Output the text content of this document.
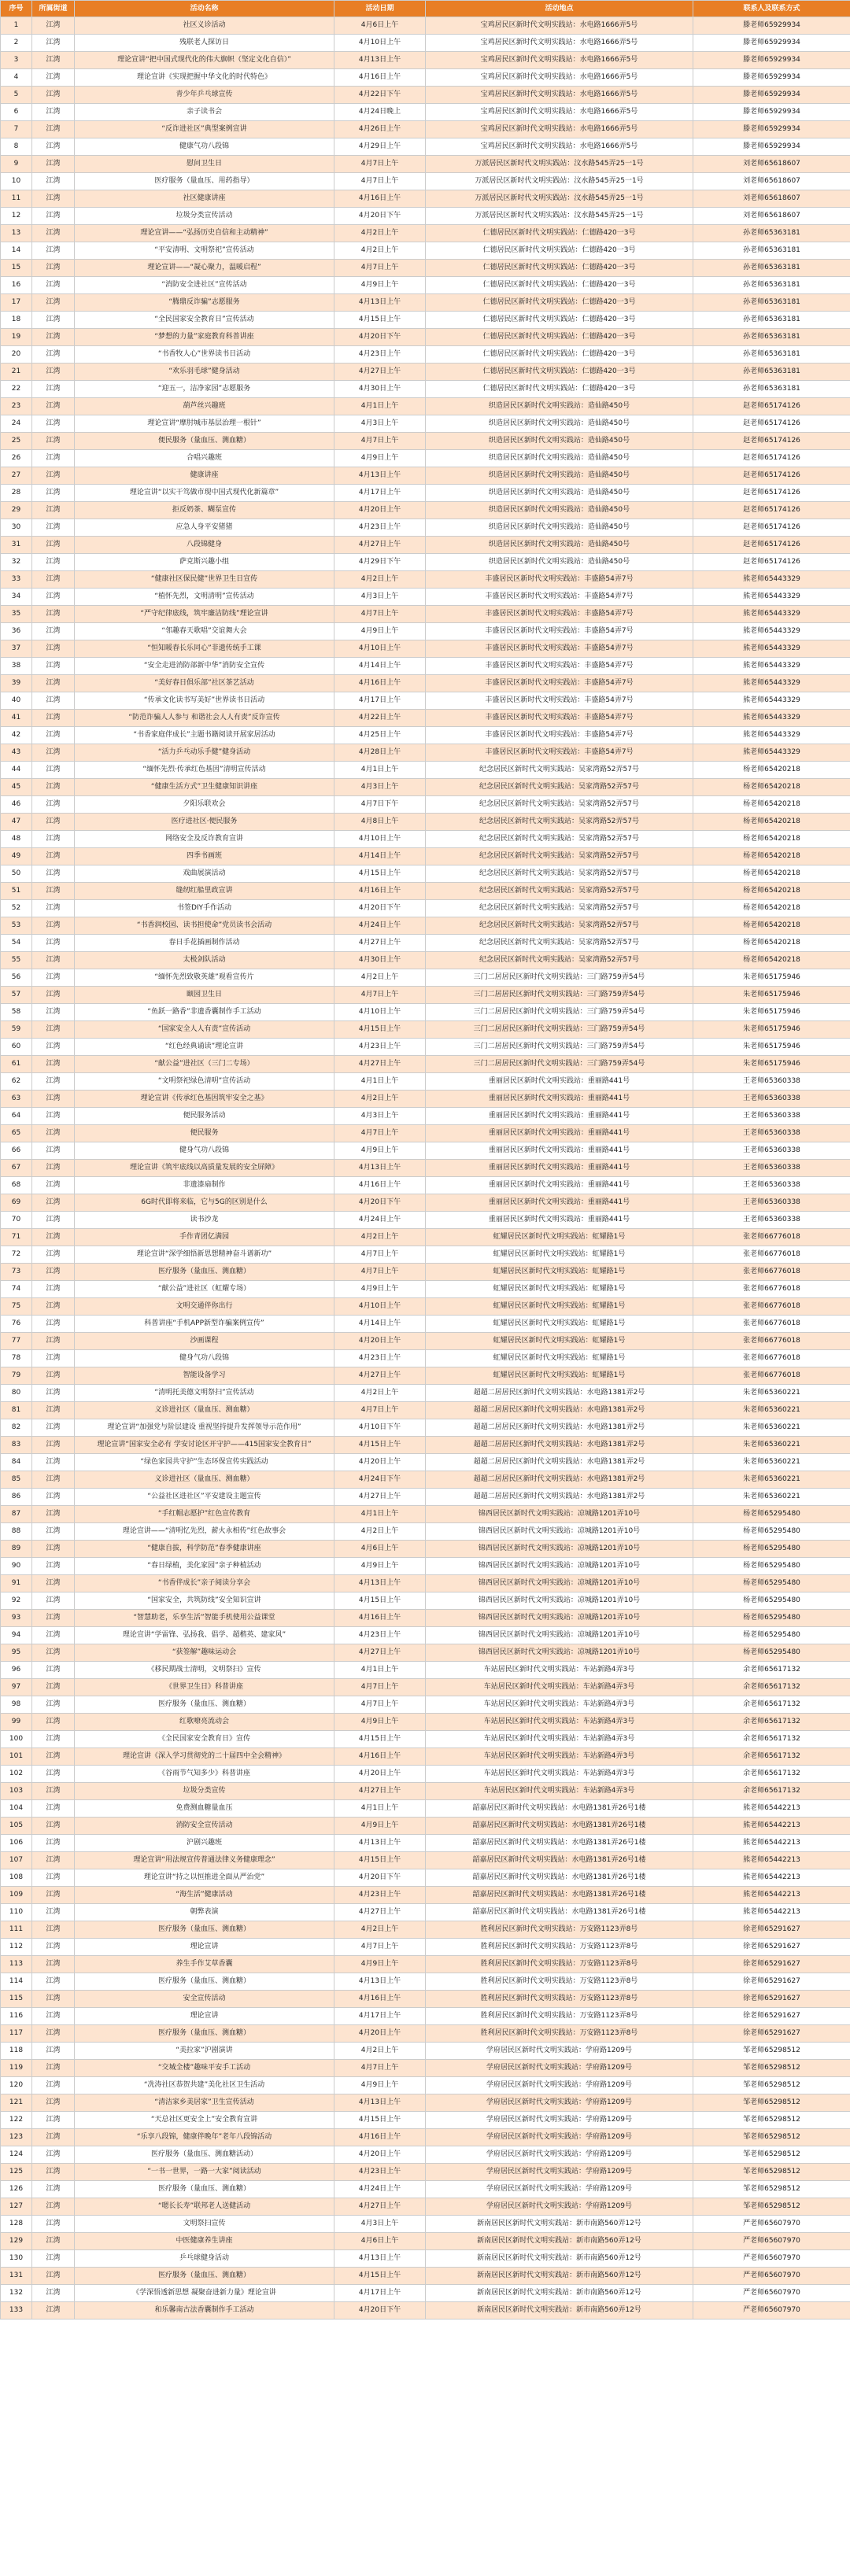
序号	所属街道	活动名称	活动日期	活动地点	联系人及联系方式
1	江湾	社区义诊活动	4月6日上午	宝鸡居民区新时代文明实践站：水电路1666弄5号	滕老师65929934
2	江湾	残联老人探访日	4月10日上午	宝鸡居民区新时代文明实践站：水电路1666弄5号	滕老师65929934
3	江湾	理论宣讲“把中国式现代化的伟大旗帜（坚定文化自信）”	4月13日上午	宝鸡居民区新时代文明实践站：水电路1666弄5号	滕老师65929934
4	江湾	理论宣讲《实现把握中华文化的时代特色》	4月16日上午	宝鸡居民区新时代文明实践站：水电路1666弄5号	滕老师65929934
5	江湾	青少年乒乓球宣传	4月22日下午	宝鸡居民区新时代文明实践站：水电路1666弄5号	滕老师65929934
6	江湾	亲子读书会	4月24日晚上	宝鸡居民区新时代文明实践站：水电路1666弄5号	滕老师65929934
7	江湾	“反诈进社区”典型案例宣讲	4月26日上午	宝鸡居民区新时代文明实践站：水电路1666弄5号	滕老师65929934
8	江湾	健康气功八段锦	4月29日上午	宝鸡居民区新时代文明实践站：水电路1666弄5号	滕老师65929934
9	江湾	慰问卫生日	4月7日上午	万派居民区新时代文明实践站：汶水路545弄25一1号	刘老师65618607
10	江湾	医疗服务（量血压、用药指导）	4月7日上午	万派居民区新时代文明实践站：汶水路545弄25一1号	刘老师65618607
11	江湾	社区健康讲座	4月16日上午	万派居民区新时代文明实践站：汶水路545弄25一1号	刘老师65618607
12	江湾	垃圾分类宣传活动	4月20日下午	万派居民区新时代文明实践站：汶水路545弄25一1号	刘老师65618607
13	江湾	理论宣讲——“弘扬历史自信和主动精神”	4月2日上午	仁德居民区新时代文明实践站：仁德路420一3号	孙老师65363181
14	江湾	“平安清明、文明祭祀”宣传活动	4月2日上午	仁德居民区新时代文明实践站：仁德路420一3号	孙老师65363181
15	江湾	理论宣讲——“凝心聚力，温暖启程”	4月7日上午	仁德居民区新时代文明实践站：仁德路420一3号	孙老师65363181
16	江湾	“消防安全进社区”宣传活动	4月9日上午	仁德居民区新时代文明实践站：仁德路420一3号	孙老师65363181
17	江湾	“腾鼎反诈骗”志愿服务	4月13日上午	仁德居民区新时代文明实践站：仁德路420一3号	孙老师65363181
18	江湾	“全民国家安全教育日”宣传活动	4月15日上午	仁德居民区新时代文明实践站：仁德路420一3号	孙老师65363181
19	江湾	“梦想的力量”家庭教育科普讲座	4月20日下午	仁德居民区新时代文明实践站：仁德路420一3号	孙老师65363181
20	江湾	“书香牧人心”世界读书日活动	4月23日上午	仁德居民区新时代文明实践站：仁德路420一3号	孙老师65363181
21	江湾	“欢乐羽毛球”健身活动	4月27日上午	仁德居民区新时代文明实践站：仁德路420一3号	孙老师65363181
22	江湾	“迎五一，洁净家园”志愿服务	4月30日上午	仁德居民区新时代文明实践站：仁德路420一3号	孙老师65363181
23	江湾	葫芦丝兴趣班	4月1日上午	织造居民区新时代文明实践站：造仙路450号	赵老师65174126
24	江湾	理论宣讲“摩肘城市基层治理一根针”	4月3日上午	织造居民区新时代文明实践站：造仙路450号	赵老师65174126
25	江湾	便民服务（量血压、测血糖）	4月7日上午	织造居民区新时代文明实践站：造仙路450号	赵老师65174126
26	江湾	合唱兴趣班	4月9日上午	织造居民区新时代文明实践站：造仙路450号	赵老师65174126
27	江湾	健康讲座	4月13日上午	织造居民区新时代文明实践站：造仙路450号	赵老师65174126
28	江湾	理论宣讲“以实干笃做市现中国式现代化新篇章”	4月17日上午	织造居民区新时代文明实践站：造仙路450号	赵老师65174126
29	江湾	拒反奶茶、糊泵宣传	4月20日上午	织造居民区新时代文明实践站：造仙路450号	赵老师65174126
30	江湾	应急人身平安猪猪	4月23日上午	织造居民区新时代文明实践站：造仙路450号	赵老师65174126
31	江湾	八段锦健身	4月27日上午	织造居民区新时代文明实践站：造仙路450号	赵老师65174126
32	江湾	萨克斯兴趣小组	4月29日下午	织造居民区新时代文明实践站：造仙路450号	赵老师65174126
33	江湾	“健康社区保民健”世界卫生日宣传	4月2日上午	丰盛居民区新时代文明实践站：丰盛路54弄7号	熊老师65443329
34	江湾	“植怀先烈，文明清明”宣传活动	4月3日上午	丰盛居民区新时代文明实践站：丰盛路54弄7号	熊老师65443329
35	江湾	“严守纪律底线，筑牢廉洁防线”理论宣讲	4月7日上午	丰盛居民区新时代文明实践站：丰盛路54弄7号	熊老师65443329
36	江湾	“邻趣春天歌唱”交谊舞大会	4月9日上午	丰盛居民区新时代文明实践站：丰盛路54弄7号	熊老师65443329
37	江湾	“恒知暖春长乐同心”非遗传统手工课	4月10日上午	丰盛居民区新时代文明实践站：丰盛路54弄7号	熊老师65443329
38	江湾	“安全走进消防部新中华”消防安全宣传	4月14日上午	丰盛居民区新时代文明实践站：丰盛路54弄7号	熊老师65443329
39	江湾	“美好春日俱乐部”社区茶艺活动	4月16日上午	丰盛居民区新时代文明实践站：丰盛路54弄7号	熊老师65443329
40	江湾	“传承文化读书写美好”世界读书日活动	4月17日上午	丰盛居民区新时代文明实践站：丰盛路54弄7号	熊老师65443329
41	江湾	“防范诈骗人人参与 和谐社会人人有责”反诈宣传	4月22日上午	丰盛居民区新时代文明实践站：丰盛路54弄7号	熊老师65443329
42	江湾	“书香家庭伴成长”主题书籍阅读开展家居活动	4月25日上午	丰盛居民区新时代文明实践站：丰盛路54弄7号	熊老师65443329
43	江湾	“活力乒乓动乐手健”健身活动	4月28日上午	丰盛居民区新时代文明实践站：丰盛路54弄7号	熊老师65443329
44	江湾	“缅怀先烈·传承红色基因”清明宣传活动	4月1日上午	纪念居民区新时代文明实践站：吴家湾路52弄57号	杨老师65420218
45	江湾	“健康生活方式”卫生健康知识讲座	4月3日上午	纪念居民区新时代文明实践站：吴家湾路52弄57号	杨老师65420218
46	江湾	夕阳乐联欢会	4月7日下午	纪念居民区新时代文明实践站：吴家湾路52弄57号	杨老师65420218
47	江湾	医疗进社区·便民服务	4月8日上午	纪念居民区新时代文明实践站：吴家湾路52弄57号	杨老师65420218
48	江湾	网络安全及反诈教育宣讲	4月10日上午	纪念居民区新时代文明实践站：吴家湾路52弄57号	杨老师65420218
49	江湾	四季书画班	4月14日上午	纪念居民区新时代文明实践站：吴家湾路52弄57号	杨老师65420218
50	江湾	戏曲展演活动	4月15日上午	纪念居民区新时代文明实践站：吴家湾路52弄57号	杨老师65420218
51	江湾	缝纫红船里政宣讲	4月16日上午	纪念居民区新时代文明实践站：吴家湾路52弄57号	杨老师65420218
52	江湾	书签DIY手作活动	4月20日下午	纪念居民区新时代文明实践站：吴家湾路52弄57号	杨老师65420218
53	江湾	“书香润校园、读书担使命”党员读书会活动	4月24日上午	纪念居民区新时代文明实践站：吴家湾路52弄57号	杨老师65420218
54	江湾	春日手花插画制作活动	4月27日上午	纪念居民区新时代文明实践站：吴家湾路52弄57号	杨老师65420218
55	江湾	太极剑队活动	4月30日上午	纪念居民区新时代文明实践站：吴家湾路52弄57号	杨老师65420218
56	江湾	“缅怀先烈致敬英雄”观看宣传片	4月2日上午	三门二居居民区新时代文明实践站：三门路759弄54号	朱老师65175946
57	江湾	颐园卫生日	4月7日上午	三门二居居民区新时代文明实践站：三门路759弄54号	朱老师65175946
58	江湾	“鱼跃一路香”非遗香囊制作手工活动	4月10日上午	三门二居居民区新时代文明实践站：三门路759弄54号	朱老师65175946
59	江湾	“国家安全人人有责”宣传活动	4月15日上午	三门二居居民区新时代文明实践站：三门路759弄54号	朱老师65175946
60	江湾	“红色经典诵读”理论宣讲	4月23日上午	三门二居居民区新时代文明实践站：三门路759弄54号	朱老师65175946
61	江湾	“献公益”进社区（三门二专场）	4月27日上午	三门二居居民区新时代文明实践站：三门路759弄54号	朱老师65175946
62	江湾	“文明祭祀绿色清明”宣传活动	4月1日上午	重丽居民区新时代文明实践站：重丽路441号	王老师65360338
63	江湾	理论宣讲《传承红色基因筑牢安全之基》	4月2日上午	重丽居民区新时代文明实践站：重丽路441号	王老师65360338
64	江湾	便民服务活动	4月3日上午	重丽居民区新时代文明实践站：重丽路441号	王老师65360338
65	江湾	便民服务	4月7日上午	重丽居民区新时代文明实践站：重丽路441号	王老师65360338
66	江湾	健身气功八段锦	4月9日上午	重丽居民区新时代文明实践站：重丽路441号	王老师65360338
67	江湾	理论宣讲《筑牢底线以高质量发展的安全屏障》	4月13日上午	重丽居民区新时代文明实践站：重丽路441号	王老师65360338
68	江湾	非遗漆扇制作	4月16日上午	重丽居民区新时代文明实践站：重丽路441号	王老师65360338
69	江湾	6G时代即将来临，它与5G的区别是什么	4月20日下午	重丽居民区新时代文明实践站：重丽路441号	王老师65360338
70	江湾	读书沙龙	4月24日上午	重丽居民区新时代文明实践站：重丽路441号	王老师65360338
71	江湾	手作青团亿满园	4月2日上午	虹耀居民区新时代文明实践站：虹耀路1号	张老师66776018
72	江湾	理论宣讲“深学细悟新思想精神奋斗谱新功”	4月7日上午	虹耀居民区新时代文明实践站：虹耀路1号	张老师66776018
73	江湾	医疗服务（量血压、测血糖）	4月7日上午	虹耀居民区新时代文明实践站：虹耀路1号	张老师66776018
74	江湾	“献公益”进社区（虹耀专场）	4月9日上午	虹耀居民区新时代文明实践站：虹耀路1号	张老师66776018
75	江湾	文明交通伴你出行	4月10日上午	虹耀居民区新时代文明实践站：虹耀路1号	张老师66776018
76	江湾	科普讲座“手机APP新型诈骗案例宣传”	4月14日上午	虹耀居民区新时代文明实践站：虹耀路1号	张老师66776018
77	江湾	沙画课程	4月20日上午	虹耀居民区新时代文明实践站：虹耀路1号	张老师66776018
78	江湾	健身气功八段锦	4月23日上午	虹耀居民区新时代文明实践站：虹耀路1号	张老师66776018
79	江湾	智能设备学习	4月27日上午	虹耀居民区新时代文明实践站：虹耀路1号	张老师66776018
80	江湾	“清明托美德文明祭扫”宣传活动	4月2日上午	超超二居居民区新时代文明实践站：水电路1381弄2号	朱老师65360221
81	江湾	义诊进社区（量血压、测血糖）	4月7日上午	超超二居居民区新时代文明实践站：水电路1381弄2号	朱老师65360221
82	江湾	理论宣讲“加强党与阶层建设 重视坚持提升发挥领导示范作用”	4月10日下午	超超二居居民区新时代文明实践站：水电路1381弄2号	朱老师65360221
83	江湾	理论宣讲“国家安全必有 学安讨论区开守护——415国家安全教育日”	4月15日上午	超超二居居民区新时代文明实践站：水电路1381弄2号	朱老师65360221
84	江湾	“绿色家园共守护”生态环保宣传实践活动	4月20日上午	超超二居居民区新时代文明实践站：水电路1381弄2号	朱老师65360221
85	江湾	义诊进社区（量血压、测血糖）	4月24日下午	超超二居居民区新时代文明实践站：水电路1381弄2号	朱老师65360221
86	江湾	“公益社区进社区”平安建设主题宣传	4月27日上午	超超二居居民区新时代文明实践站：水电路1381弄2号	朱老师65360221
87	江湾	“手红帽志愿护”红色宣传教育	4月1日上午	锦西居民区新时代文明实践站：凉城路1201弄10号	杨老师65295480
88	江湾	理论宣讲——“清明忆先烈，薪火永相传”红色故事会	4月2日上午	锦西居民区新时代文明实践站：凉城路1201弄10号	杨老师65295480
89	江湾	“健康自拔，科学防范”春季健康讲座	4月6日上午	锦西居民区新时代文明实践站：凉城路1201弄10号	杨老师65295480
90	江湾	“春日绿植，美化家园”亲子种植活动	4月9日上午	锦西居民区新时代文明实践站：凉城路1201弄10号	杨老师65295480
91	江湾	“书香伴成长”亲子阅读分享会	4月13日上午	锦西居民区新时代文明实践站：凉城路1201弄10号	杨老师65295480
92	江湾	“国家安全，共筑防线”安全知识宣讲	4月15日上午	锦西居民区新时代文明实践站：凉城路1201弄10号	杨老师65295480
93	江湾	“智慧助老，乐享生活”智能手机使用公益课堂	4月16日上午	锦西居民区新时代文明实践站：凉城路1201弄10号	杨老师65295480
94	江湾	理论宣讲“学雷锋、弘扬我、倡学、超楷英、建家风”	4月23日上午	锦西居民区新时代文明实践站：凉城路1201弄10号	杨老师65295480
95	江湾	“获签解”趣味运动会	4月27日上午	锦西居民区新时代文明实践站：凉城路1201弄10号	杨老师65295480
96	江湾	《移民期战士清明，文明祭扫》宣传	4月1日上午	车站居民区新时代文明实践站：车站新路4弄3号	余老师65617132
97	江湾	《世界卫生日》科普讲座	4月7日上午	车站居民区新时代文明实践站：车站新路4弄3号	余老师65617132
98	江湾	医疗服务（量血压、测血糖）	4月7日上午	车站居民区新时代文明实践站：车站新路4弄3号	余老师65617132
99	江湾	红歌嘹亮流动会	4月9日上午	车站居民区新时代文明实践站：车站新路4弄3号	余老师65617132
100	江湾	《全民国家安全教育日》宣传	4月15日上午	车站居民区新时代文明实践站：车站新路4弄3号	余老师65617132
101	江湾	理论宣讲《深入学习贯彻党的二十届四中全会精神》	4月16日上午	车站居民区新时代文明实践站：车站新路4弄3号	余老师65617132
102	江湾	《谷雨节气知多少》科普讲座	4月20日上午	车站居民区新时代文明实践站：车站新路4弄3号	余老师65617132
103	江湾	垃圾分类宣传	4月27日上午	车站居民区新时代文明实践站：车站新路4弄3号	余老师65617132
104	江湾	免费测血糖量血压	4月1日上午	韶嘉居民区新时代文明实践站：水电路1381弄26号1楼	熊老师65442213
105	江湾	消防安全宣传活动	4月9日上午	韶嘉居民区新时代文明实践站：水电路1381弄26号1楼	熊老师65442213
106	江湾	沪剧兴趣班	4月13日上午	韶嘉居民区新时代文明实践站：水电路1381弄26号1楼	熊老师65442213
107	江湾	理论宣讲“用法规宣传普通法律义务健康理念”	4月15日上午	韶嘉居民区新时代文明实践站：水电路1381弄26号1楼	熊老师65442213
108	江湾	理论宣讲“持之以恒推进全面从严治党”	4月20日下午	韶嘉居民区新时代文明实践站：水电路1381弄26号1楼	熊老师65442213
109	江湾	“海生活”健康活动	4月23日上午	韶嘉居民区新时代文明实践站：水电路1381弄26号1楼	熊老师65442213
110	江湾	朝弊表演	4月27日上午	韶嘉居民区新时代文明实践站：水电路1381弄26号1楼	熊老师65442213
111	江湾	医疗服务（量血压、测血糖）	4月2日上午	胜利居民区新时代文明实践站：万安路1123弄8号	徐老师65291627
112	江湾	理论宣讲	4月7日上午	胜利居民区新时代文明实践站：万安路1123弄8号	徐老师65291627
113	江湾	养生手作艾草香囊	4月9日上午	胜利居民区新时代文明实践站：万安路1123弄8号	徐老师65291627
114	江湾	医疗服务（量血压、测血糖）	4月13日上午	胜利居民区新时代文明实践站：万安路1123弄8号	徐老师65291627
115	江湾	安全宣传活动	4月16日上午	胜利居民区新时代文明实践站：万安路1123弄8号	徐老师65291627
116	江湾	理论宣讲	4月17日上午	胜利居民区新时代文明实践站：万安路1123弄8号	徐老师65291627
117	江湾	医疗服务（量血压、测血糖）	4月20日上午	胜利居民区新时代文明实践站：万安路1123弄8号	徐老师65291627
118	江湾	“美拉家”沪剧演讲	4月2日上午	学府居民区新时代文明实践站：学府路1209号	邹老师65298512
119	江湾	“交城全楼”趣味平安手工活动	4月7日上午	学府居民区新时代文明实践站：学府路1209号	邹老师65298512
120	江湾	“冼涛社区恭贺共建”美化社区卫生活动	4月9日上午	学府居民区新时代文明实践站：学府路1209号	邹老师65298512
121	江湾	“清洁家乡美居家”卫生宣传活动	4月13日上午	学府居民区新时代文明实践站：学府路1209号	邹老师65298512
122	江湾	“天总社区更安全上”安全教育宣讲	4月15日上午	学府居民区新时代文明实践站：学府路1209号	邹老师65298512
123	江湾	“乐享八段锦，健康伴晚年”老年八段锦活动	4月16日上午	学府居民区新时代文明实践站：学府路1209号	邹老师65298512
124	江湾	医疗服务（量血压、测血糖活动）	4月20日上午	学府居民区新时代文明实践站：学府路1209号	邹老师65298512
125	江湾	“一书一世界，一路一大家”阅读活动	4月23日上午	学府居民区新时代文明实践站：学府路1209号	邹老师65298512
126	江湾	医疗服务（量血压、测血糖）	4月24日上午	学府居民区新时代文明实践站：学府路1209号	邹老师65298512
127	江湾	“嗯长长寿”联邦老人送健活动	4月27日上午	学府居民区新时代文明实践站：学府路1209号	邹老师65298512
128	江湾	文明祭扫宣传	4月3日上午	新南居民区新时代文明实践站：新市南路560弄12号	严老师65607970
129	江湾	中医健康养生讲座	4月6日上午	新南居民区新时代文明实践站：新市南路560弄12号	严老师65607970
130	江湾	乒乓球健身活动	4月13日上午	新南居民区新时代文明实践站：新市南路560弄12号	严老师65607970
131	江湾	医疗服务（量血压、测血糖）	4月15日上午	新南居民区新时代文明实践站：新市南路560弄12号	严老师65607970
132	江湾	《学深悟透新思想 凝聚奋进新力量》理论宣讲	4月17日上午	新南居民区新时代文明实践站：新市南路560弄12号	严老师65607970
133	江湾	和乐馨南古法香囊制作手工活动	4月20日下午	新南居民区新时代文明实践站：新市南路560弄12号	严老师65607970
